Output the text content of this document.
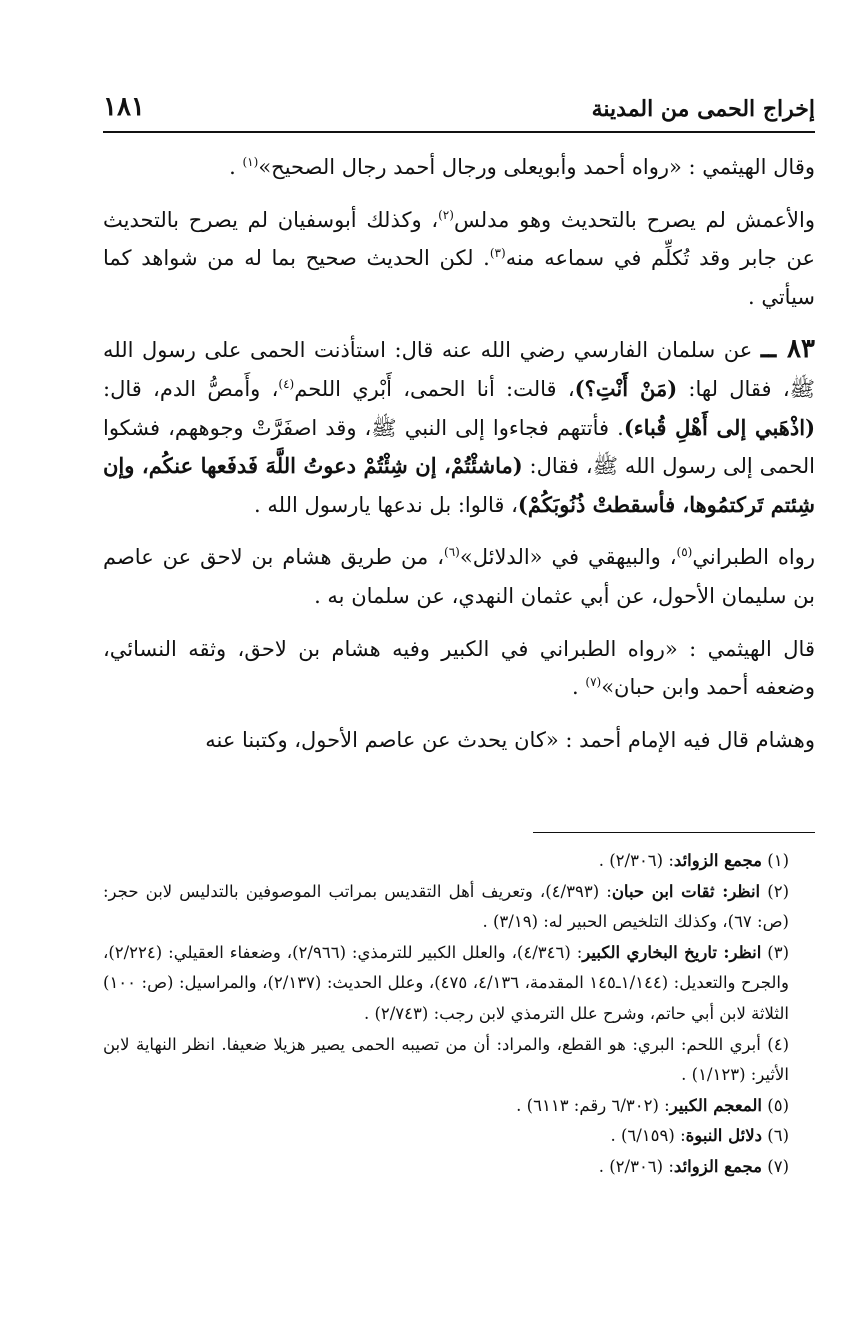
إخراج الحمى من المدينة
١٨١

وقال الهيثمي : «رواه أحمد وأبويعلى ورجال أحمد رجال الصحيح»$^{(١)}$ .

والأعمش لم يصرح بالتحديث وهو مدلس$^{(٢)}$، وكذلك أبوسفيان لم يصرح بالتحديث عن جابر وقد تُكلِّم في سماعه منه$^{(٣)}$. لكن الحديث صحيح بما له من شواهد كما سيأتي .

٨٣ ــ عن سلمان الفارسي رضي الله عنه قال: استأذنت الحمى على رسول الله ﷺ، فقال لها: (مَنْ أَنْتِ؟)، قالت: أنا الحمى، أَبْري اللحم$^{(٤)}$، وأَمصُّ الدم، قال: (اذْهَبي إلى أَهْلِ قُباء). فأتتهم فجاءوا إلى النبي ﷺ، وقد اصفَرَّتْ وجوههم، فشكوا الحمى إلى رسول الله ﷺ، فقال: (ماشئْتُمْ، إن شِئْتُمْ دعوتُ اللَّهَ فَدفَعها عنكُم، وإن شِئتم تَركتمُوها، فأسقطتْ ذُنُوبَكُمْ)، قالوا: بل ندعها يارسول الله .

رواه الطبراني$^{(٥)}$، والبيهقي في «الدلائل»$^{(٦)}$، من طريق هشام بن لاحق عن عاصم بن سليمان الأحول، عن أبي عثمان النهدي، عن سلمان به .

قال الهيثمي : «رواه الطبراني في الكبير وفيه هشام بن لاحق، وثقه النسائي، وضعفه أحمد وابن حبان»$^{(٧)}$ .

وهشام قال فيه الإمام أحمد : «كان يحدث عن عاصم الأحول، وكتبنا عنه

(١) مجمع الزوائد: (٢/٣٠٦) .

(٢) انظر: ثقات ابن حبان: (٤/٣٩٣)، وتعريف أهل التقديس بمراتب الموصوفين بالتدليس لابن حجر: (ص: ٦٧)، وكذلك التلخيص الحبير له: (٣/١٩) .

(٣) انظر: تاريخ البخاري الكبير: (٤/٣٤٦)، والعلل الكبير للترمذي: (٢/٩٦٦)، وضعفاء العقيلي: (٢/٢٢٤)، والجرح والتعديل: (١/١٤٤ـ١٤٥ المقدمة، ٤/١٣٦، ٤٧٥)، وعلل الحديث: (٢/١٣٧)، والمراسيل: (ص: ١٠٠) الثلاثة لابن أبي حاتم، وشرح علل الترمذي لابن رجب: (٢/٧٤٣) .

(٤) أبري اللحم: البري: هو القطع، والمراد: أن من تصيبه الحمى يصير هزيلا ضعيفا. انظر النهاية لابن الأثير: (١/١٢٣) .

(٥) المعجم الكبير: (٦/٣٠٢ رقم: ٦١١٣) .

(٦) دلائل النبوة: (٦/١٥٩) .

(٧) مجمع الزوائد: (٢/٣٠٦) .
